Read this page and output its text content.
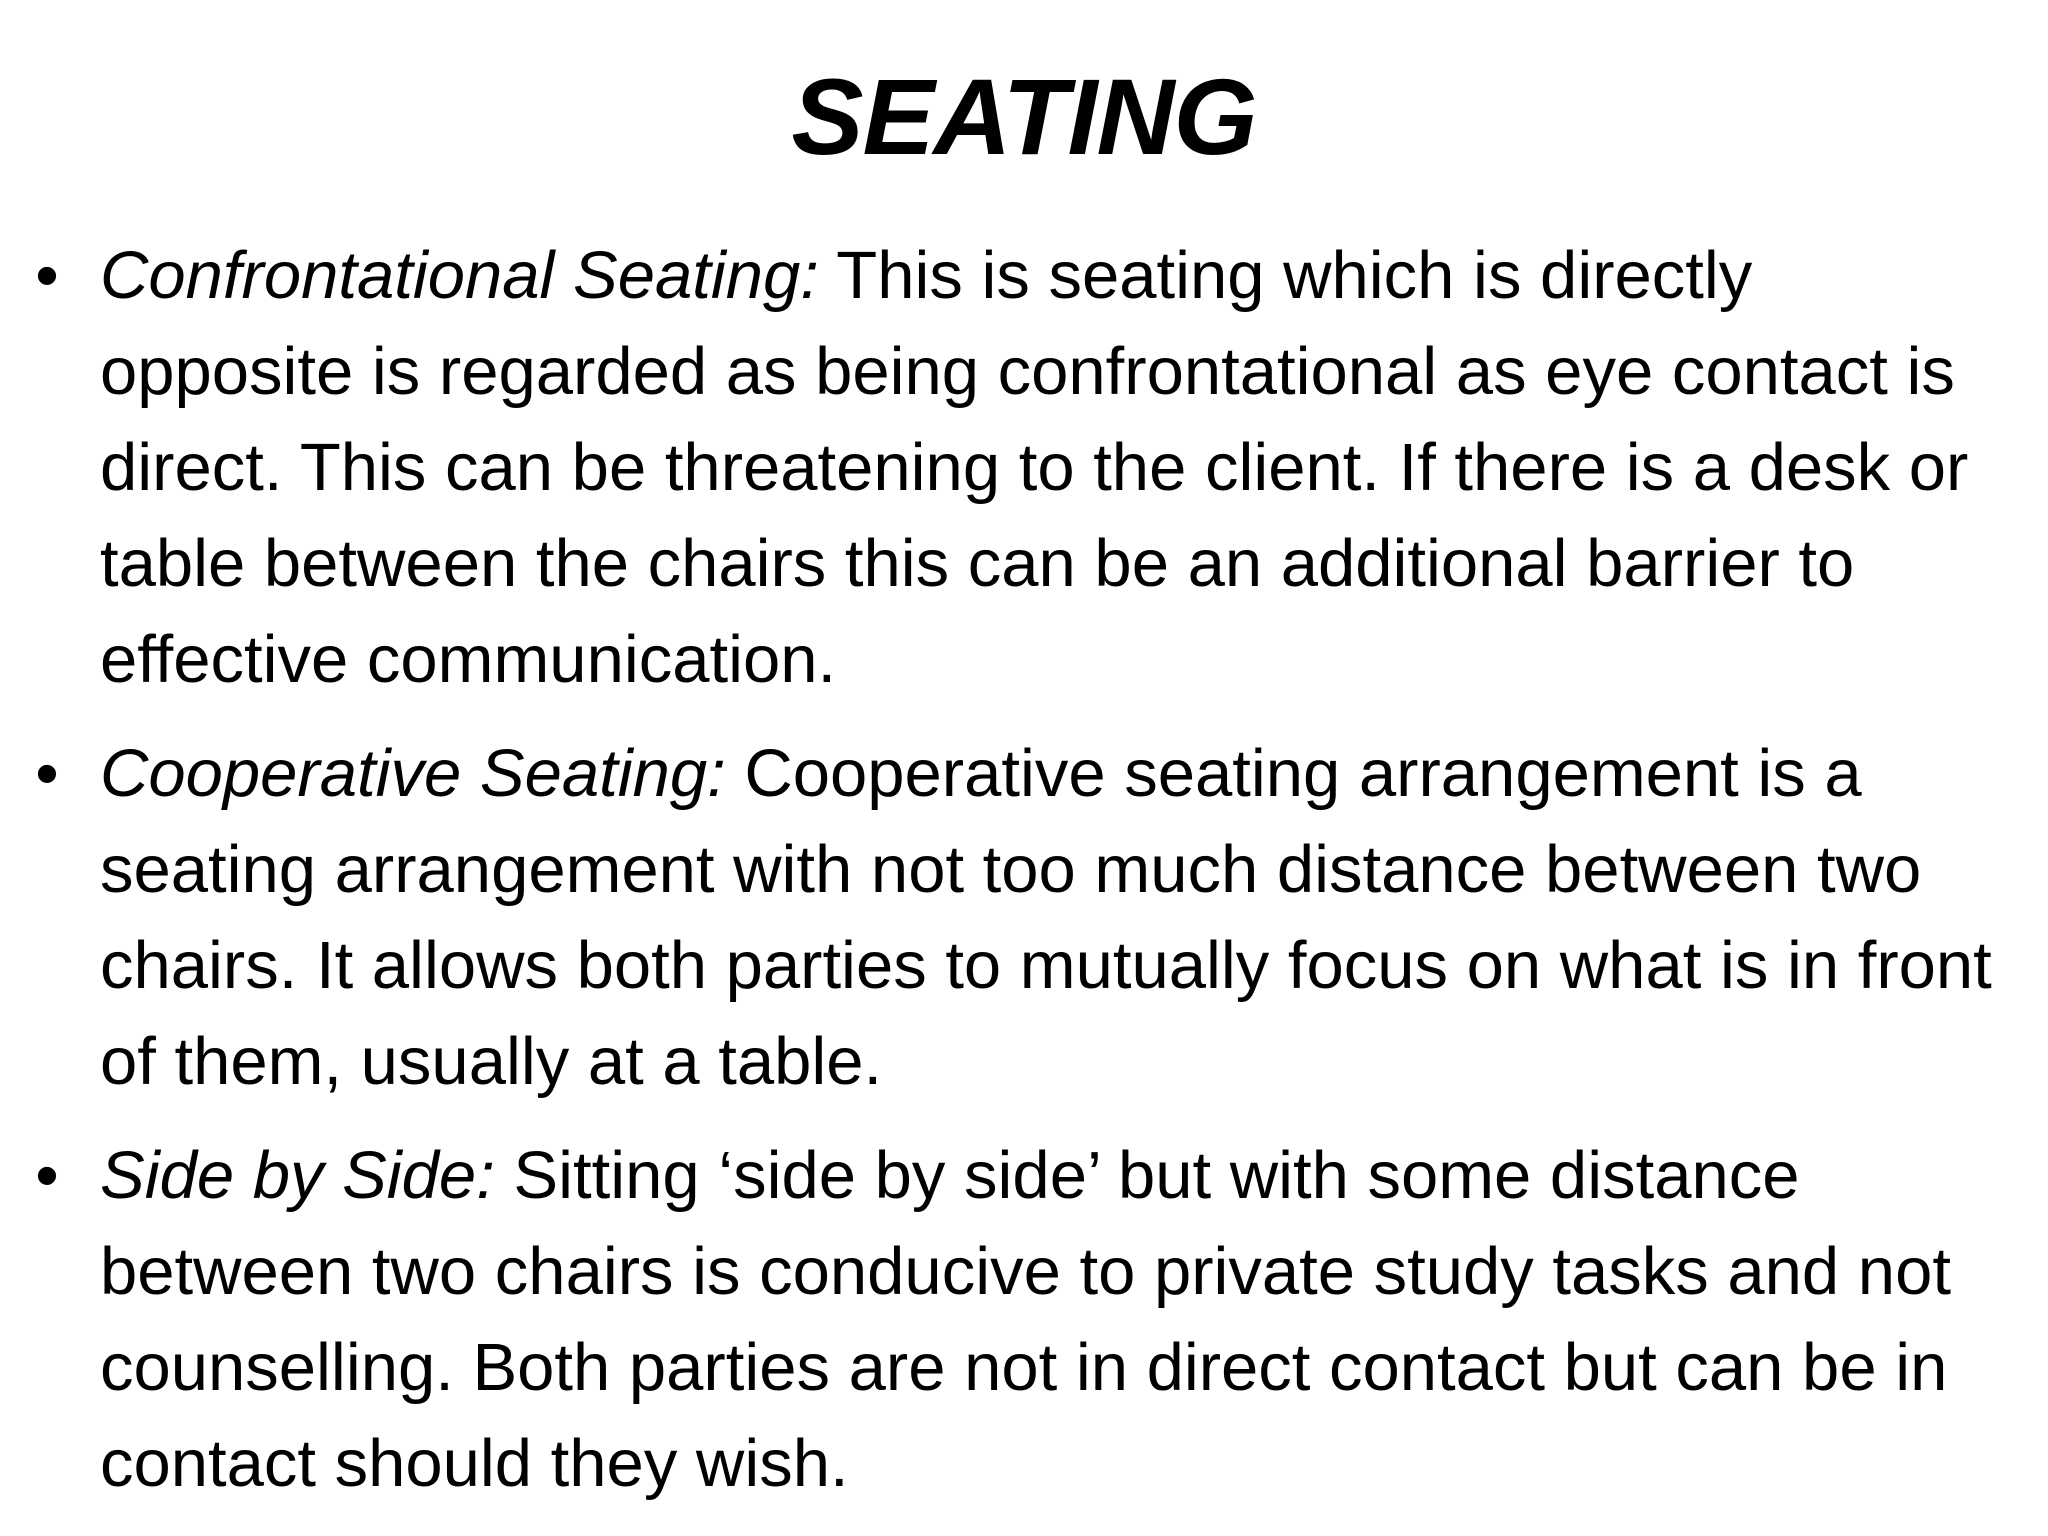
SEATING
• Confrontational Seating: This is seating which is directly opposite is regarded as being confrontational as eye contact is direct. This can be threatening to the client. If there is a desk or table between the chairs this can be an additional barrier to effective communication.
• Cooperative Seating: Cooperative seating arrangement is a seating arrangement with not too much distance between two chairs. It allows both parties to mutually focus on what is in front of them, usually at a table.
• Side by Side: Sitting ‘side by side’ but with some distance between two chairs is conducive to private study tasks and not counselling. Both parties are not in direct contact but can be in contact should they wish.
